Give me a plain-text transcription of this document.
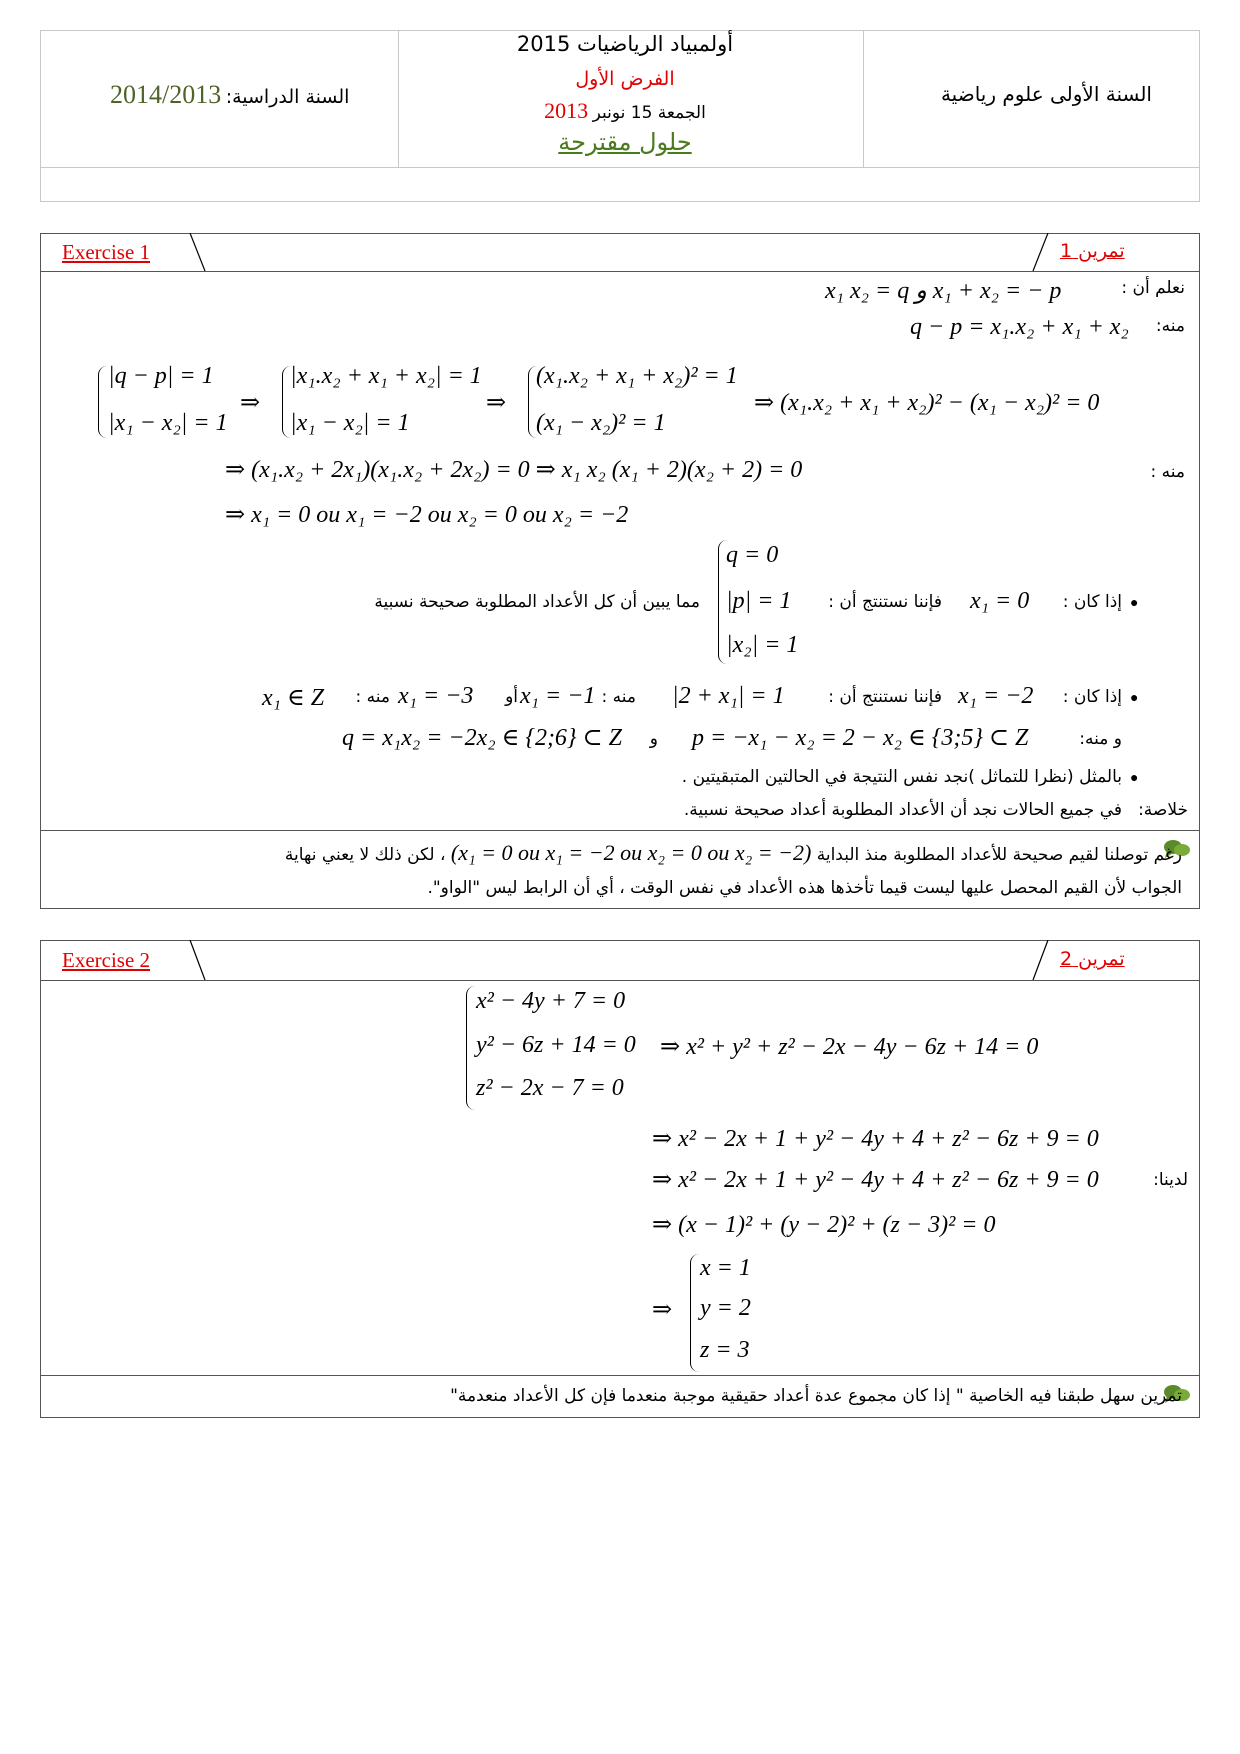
2014/2013 السنة الدراسية:
أولمبياد الرياضيات 2015
الفرض الأول
2013 الجمعة 15 نونبر
حلول مقترحة
السنة الأولى علوم رياضية
Exercise 1	تمرين 1
نعلم أن :
x₁ x₂ = q و x₁ + x₂ = − p
منه:
q − p = x₁.x₂ + x₁ + x₂
|q − p| = 1
|x₁ − x₂| = 1
⇒
|x₁.x₂ + x₁ + x₂| = 1
|x₁ − x₂| = 1
⇒
(x₁.x₂ + x₁ + x₂)² = 1
(x₁ − x₂)² = 1
⇒ (x₁.x₂ + x₁ + x₂)² − (x₁ − x₂)² = 0
منه :
⇒ (x₁.x₂ + 2x₁)(x₁.x₂ + 2x₂) = 0 ⇒ x₁ x₂ (x₁ + 2)(x₂ + 2) = 0
⇒ x₁ = 0 ou x₁ = −2 ou x₂ = 0 ou x₂ = −2
●
إذا كان :
x₁ = 0
فإننا نستنتج أن :
q = 0
|p| = 1
|x₂| = 1
مما يبين أن كل الأعداد المطلوبة صحيحة نسبية
●
إذا كان :
x₁ = −2
فإننا نستنتج أن :
|2 + x₁| = 1
منه :
x₁ = −1
أو
x₁ = −3
منه :
x₁ ∈ Z
و منه:
p = −x₁ − x₂ = 2 − x₂ ∈ {3;5} ⊂ Z
و
q = x₁x₂ = −2x₂ ∈ {2;6} ⊂ Z
●
بالمثل (نظرا للتماثل )نجد نفس النتيجة في الحالتين المتبقيتين .
خلاصة:
في جميع الحالات نجد أن الأعداد المطلوبة أعداد صحيحة نسبية.
رغم توصلنا لقيم صحيحة للأعداد المطلوبة منذ البداية (x₁ = 0 ou x₁ = −2 ou x₂ = 0 ou x₂ = −2) ، لكن ذلك لا يعني نهاية
الجواب لأن القيم المحصل عليها ليست قيما تأخذها هذه الأعداد في نفس الوقت ، أي أن الرابط ليس "الواو".
Exercise 2	تمرين 2
x² − 4y + 7 = 0
y² − 6z + 14 = 0
z² − 2x − 7 = 0
⇒ x² + y² + z² − 2x − 4y − 6z + 14 = 0
⇒ x² − 2x + 1 + y² − 4y + 4 + z² − 6z + 9 = 0
لدينا:
⇒ x² − 2x + 1 + y² − 4y + 4 + z² − 6z + 9 = 0
⇒ (x − 1)² + (y − 2)² + (z − 3)² = 0
⇒
x = 1
y = 2
z = 3
تمرين سهل طبقنا فيه الخاصية " إذا كان مجموع عدة أعداد حقيقية موجبة منعدما فإن كل الأعداد منعدمة"
